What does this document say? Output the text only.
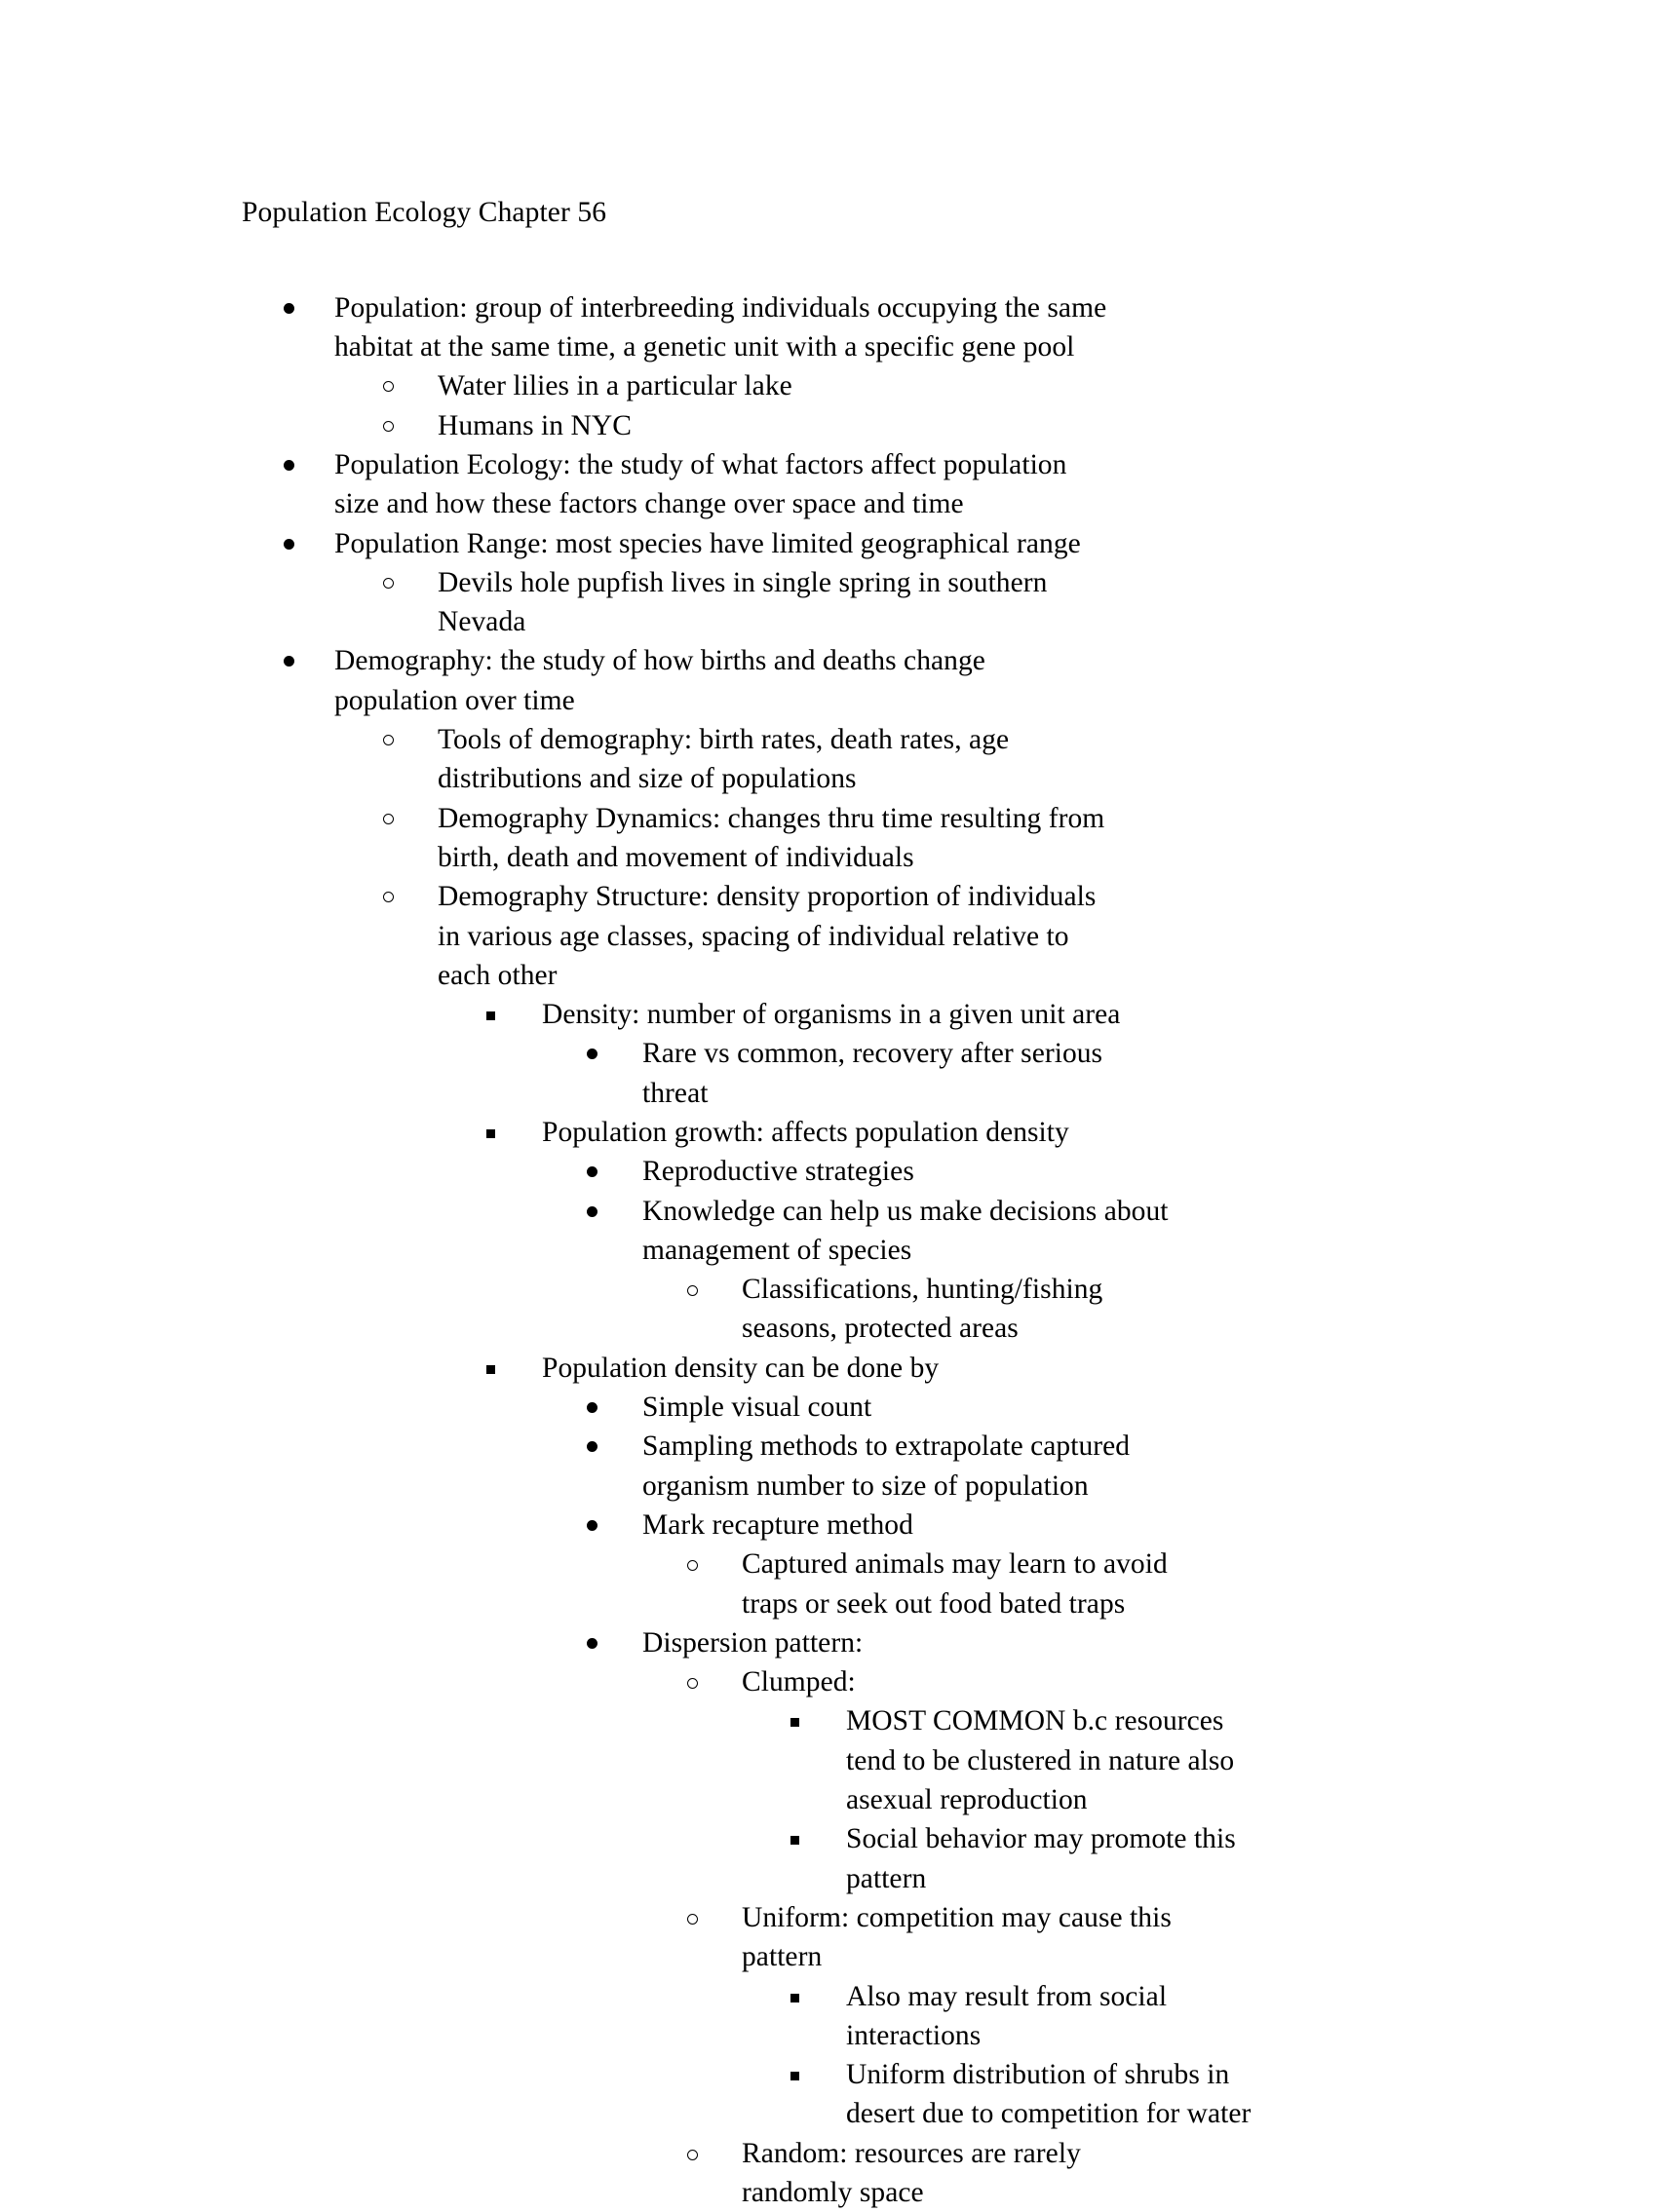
Population Ecology Chapter 56
Population: group of interbreeding individuals occupying the same habitat at the same time, a genetic unit with a specific gene pool
Water lilies in a particular lake
Humans in NYC
Population Ecology: the study of what factors affect population size and how these factors change over space and time
Population Range: most species have limited geographical range
Devils hole pupfish lives in single spring in southern Nevada
Demography: the study of how births and deaths change population over time
Tools of demography: birth rates, death rates, age distributions and size of populations
Demography Dynamics: changes thru time resulting from birth, death and movement of individuals
Demography Structure: density proportion of individuals in various age classes, spacing of individual relative to each other
Density: number of organisms in a given unit area
Rare vs common, recovery after serious threat
Population growth: affects population density
Reproductive strategies
Knowledge can help us make decisions about management of species
Classifications, hunting/fishing seasons, protected areas
Population density can be done by
Simple visual count
Sampling methods to extrapolate captured organism number to size of population
Mark recapture method
Captured animals may learn to avoid traps or seek out food bated traps
Dispersion pattern:
Clumped:
MOST COMMON b.c resources tend to be clustered in nature also asexual reproduction
Social behavior may promote this pattern
Uniform: competition may cause this pattern
Also may result from social interactions
Uniform distribution of shrubs in desert due to competition for water
Random: resources are rarely randomly space
